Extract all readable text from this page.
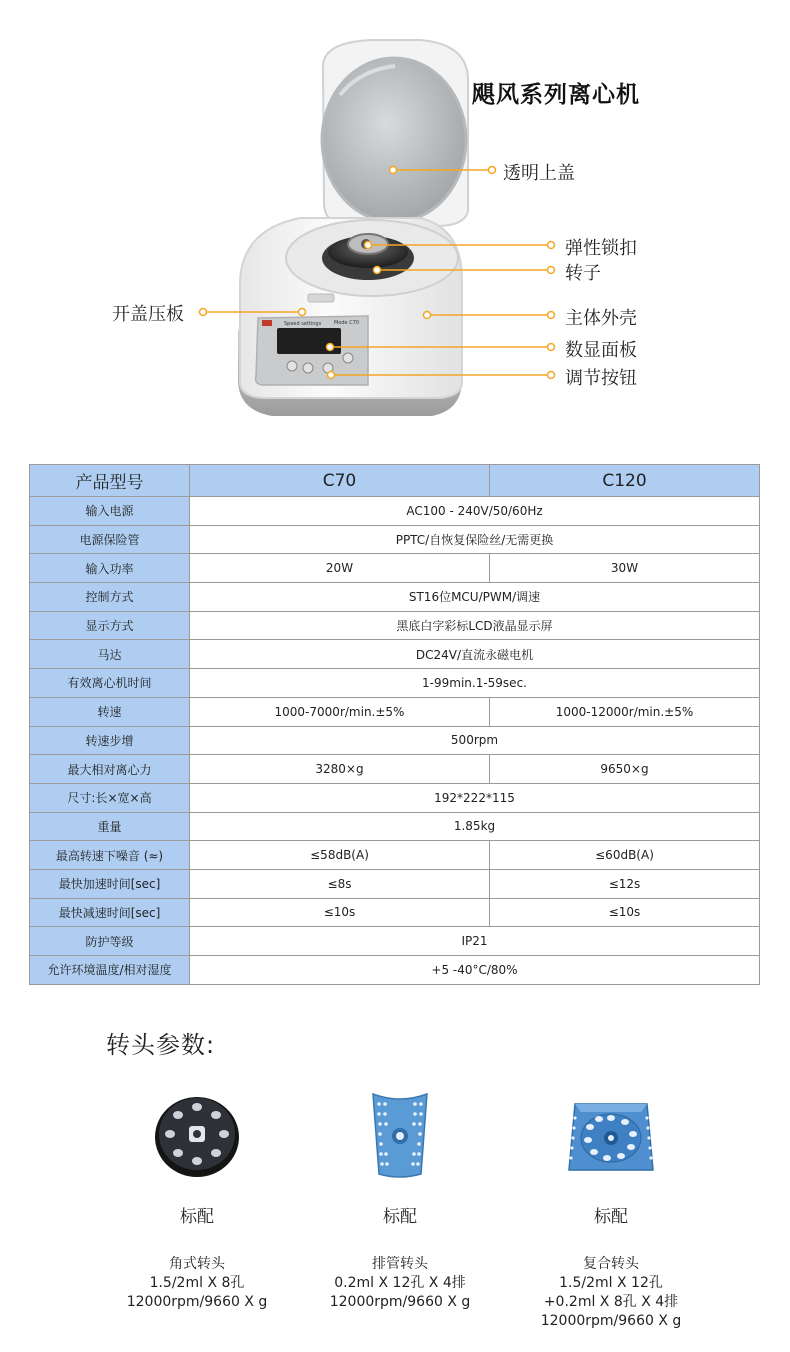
Speed settings	Mode C70
飓风系列离心机
透明上盖
弹性锁扣
转子
主体外壳
数显面板
调节按钮
开盖压板
产品型号	C70	C120
输入电源	AC100 - 240V/50/60Hz	
电源保险管	PPTC/自恢复保险丝/无需更换	
输入功率	20W	30W
控制方式	ST16位MCU/PWM/调速	
显示方式	黑底白字彩标LCD液晶显示屏	
马达	DC24V/直流永磁电机	
有效离心机时间	1-99min.1-59sec.	
转速	1000-7000r/min.±5%	1000-12000r/min.±5%
转速步增	500rpm	
最大相对离心力	3280×g	9650×g
尺寸:长×宽×高	192*222*115	
重量	1.85kg	
最高转速下噪音 (≈)	≤58dB(A)	≤60dB(A)
最快加速时间[sec]	≤8s	≤12s
最快减速时间[sec]	≤10s	≤10s
防护等级	IP21	
允许环境温度/相对湿度	+5 -40°C/80%	
转头参数:
标配
角式转头
1.5/2ml X 8孔
12000rpm/9660 X g
标配
排管转头
0.2ml X 12孔 X 4排
12000rpm/9660 X g
标配
复合转头
1.5/2ml X 12孔
+0.2ml X 8孔 X 4排
12000rpm/9660 X g
